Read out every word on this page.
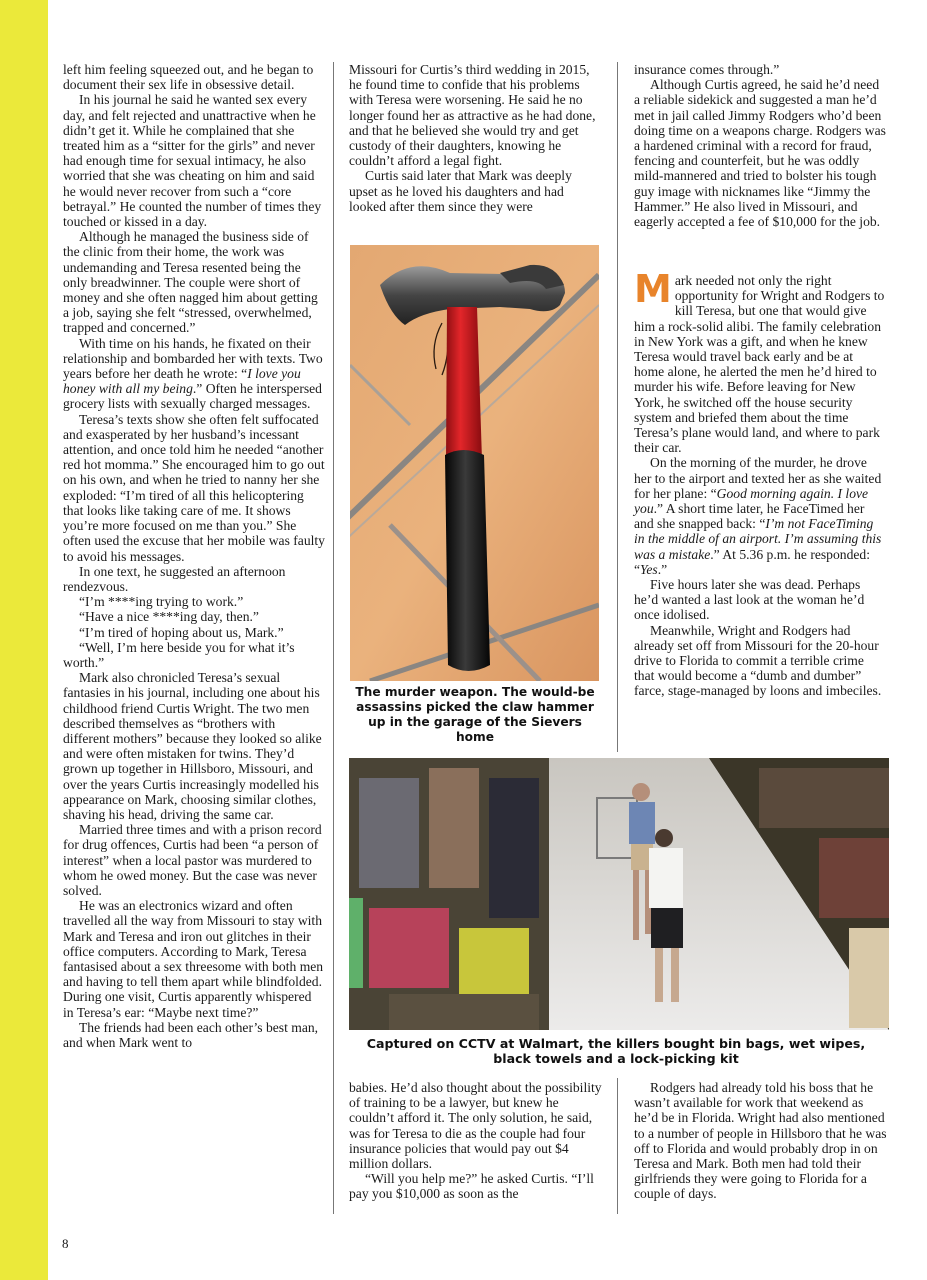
left him feeling squeezed out, and he began to document their sex life in obsessive detail.

In his journal he said he wanted sex every day, and felt rejected and unattractive when he didn’t get it. While he complained that she treated him as a “sitter for the girls” and never had enough time for sexual intimacy, he also worried that she was cheating on him and said he would never recover from such a “core betrayal.” He counted the number of times they touched or kissed in a day.

Although he managed the business side of the clinic from their home, the work was undemanding and Teresa resented being the only breadwinner. The couple were short of money and she often nagged him about getting a job, saying she felt “stressed, overwhelmed, trapped and concerned.”

With time on his hands, he fixated on their relationship and bombarded her with texts. Two years before her death he wrote: “I love you honey with all my being.” Often he interspersed grocery lists with sexually charged messages.

Teresa’s texts show she often felt suffocated and exasperated by her husband’s incessant attention, and once told him he needed “another red hot momma.” She encouraged him to go out on his own, and when he tried to nanny her she exploded: “I’m tired of all this helicoptering that looks like taking care of me. It shows you’re more focused on me than you.” She often used the excuse that her mobile was faulty to avoid his messages.

In one text, he suggested an afternoon rendezvous.

“I’m ****ing trying to work.”

“Have a nice ****ing day, then.”

“I’m tired of hoping about us, Mark.”

“Well, I’m here beside you for what it’s worth.”

Mark also chronicled Teresa’s sexual fantasies in his journal, including one about his childhood friend Curtis Wright. The two men described themselves as “brothers with different mothers” because they looked so alike and were often mistaken for twins. They’d grown up together in Hillsboro, Missouri, and over the years Curtis increasingly modelled his appearance on Mark, choosing similar clothes, shaving his head, driving the same car.

Married three times and with a prison record for drug offences, Curtis had been “a person of interest” when a local pastor was murdered to whom he owed money. But the case was never solved.

He was an electronics wizard and often travelled all the way from Missouri to stay with Mark and Teresa and iron out glitches in their office computers. According to Mark, Teresa fantasised about a sex threesome with both men and having to tell them apart while blindfolded. During one visit, Curtis apparently whispered in Teresa’s ear: “Maybe next time?”

The friends had been each other’s best man, and when Mark went to

Missouri for Curtis’s third wedding in 2015, he found time to confide that his problems with Teresa were worsening. He said he no longer found her as attractive as he had done, and that he believed she would try and get custody of their daughters, knowing he couldn’t afford a legal fight.

Curtis said later that Mark was deeply upset as he loved his daughters and had looked after them since they were

The murder weapon. The would-be assassins picked the claw hammer up in the garage of the Sievers home

insurance comes through.”

Although Curtis agreed, he said he’d need a reliable sidekick and suggested a man he’d met in jail called Jimmy Rodgers who’d been doing time on a weapons charge. Rodgers was a hardened criminal with a record for fraud, fencing and counterfeit, but he was oddly mild-mannered and tried to bolster his tough guy image with nicknames like “Jimmy the Hammer.” He also lived in Missouri, and eagerly accepted a fee of $10,000 for the job.

Mark needed not only the right opportunity for Wright and Rodgers to kill Teresa, but one that would give him a rock-solid alibi. The family celebration in New York was a gift, and when he knew Teresa would travel back early and be at home alone, he alerted the men he’d hired to murder his wife. Before leaving for New York, he switched off the house security system and briefed them about the time Teresa’s plane would land, and where to park their car.

On the morning of the murder, he drove her to the airport and texted her as she waited for her plane: “Good morning again. I love you.” A short time later, he FaceTimed her and she snapped back: “I’m not FaceTiming in the middle of an airport. I’m assuming this was a mistake.” At 5.36 p.m. he responded: “Yes.”

Five hours later she was dead. Perhaps he’d wanted a last look at the woman he’d once idolised.

Meanwhile, Wright and Rodgers had already set off from Missouri for the 20-hour drive to Florida to commit a terrible crime that would become a “dumb and dumber” farce, stage-managed by loons and imbeciles.

Captured on CCTV at Walmart, the killers bought bin bags, wet wipes, black towels and a lock-picking kit

babies. He’d also thought about the possibility of training to be a lawyer, but knew he couldn’t afford it. The only solution, he said, was for Teresa to die as the couple had four insurance policies that would pay out $4 million dollars.

“Will you help me?” he asked Curtis. “I’ll pay you $10,000 as soon as the

Rodgers had already told his boss that he wasn’t available for work that weekend as he’d be in Florida. Wright had also mentioned to a number of people in Hillsboro that he was off to Florida and would probably drop in on Teresa and Mark. Both men had told their girlfriends they were going to Florida for a couple of days.

8
